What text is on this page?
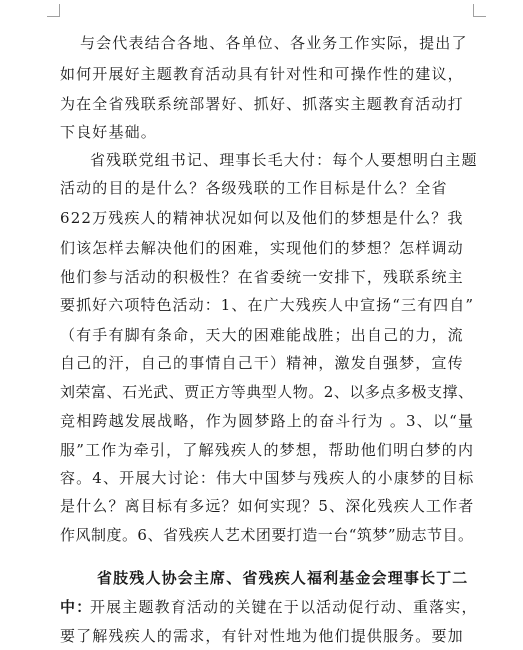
与会代表结合各地、各单位、各业务工作实际，提出了
如何开展好主题教育活动具有针对性和可操作性的建议，
为在全省残联系统部署好、抓好、抓落实主题教育活动打
下良好基础。
省残联党组书记、理事长毛大付：每个人要想明白主题
活动的目的是什么？各级残联的工作目标是什么？全省
622万残疾人的精神状况如何以及他们的梦想是什么？我
们该怎样去解决他们的困难，实现他们的梦想？怎样调动
他们参与活动的积极性？在省委统一安排下，残联系统主
要抓好六项特色活动：1、在广大残疾人中宣扬“三有四自”
（有手有脚有条命，天大的困难能战胜；出自己的力，流
自己的汗，自己的事情自己干）精神，激发自强梦，宣传
刘荣富、石光武、贾正方等典型人物。2、以多点多极支撑、
竞相跨越发展战略，作为圆梦路上的奋斗行为 。3、以“量
服”工作为牵引，了解残疾人的梦想，帮助他们明白梦的内
容。4、开展大讨论：伟大中国梦与残疾人的小康梦的目标
是什么？离目标有多远？如何实现？5、深化残疾人工作者
作风制度。6、省残疾人艺术团要打造一台“筑梦”励志节目。
省肢残人协会主席、省残疾人福利基金会理事长丁二
中：
开展主题教育活动的关键在于以活动促行动、重落实，
要了解残疾人的需求，有针对性地为他们提供服务。要加
